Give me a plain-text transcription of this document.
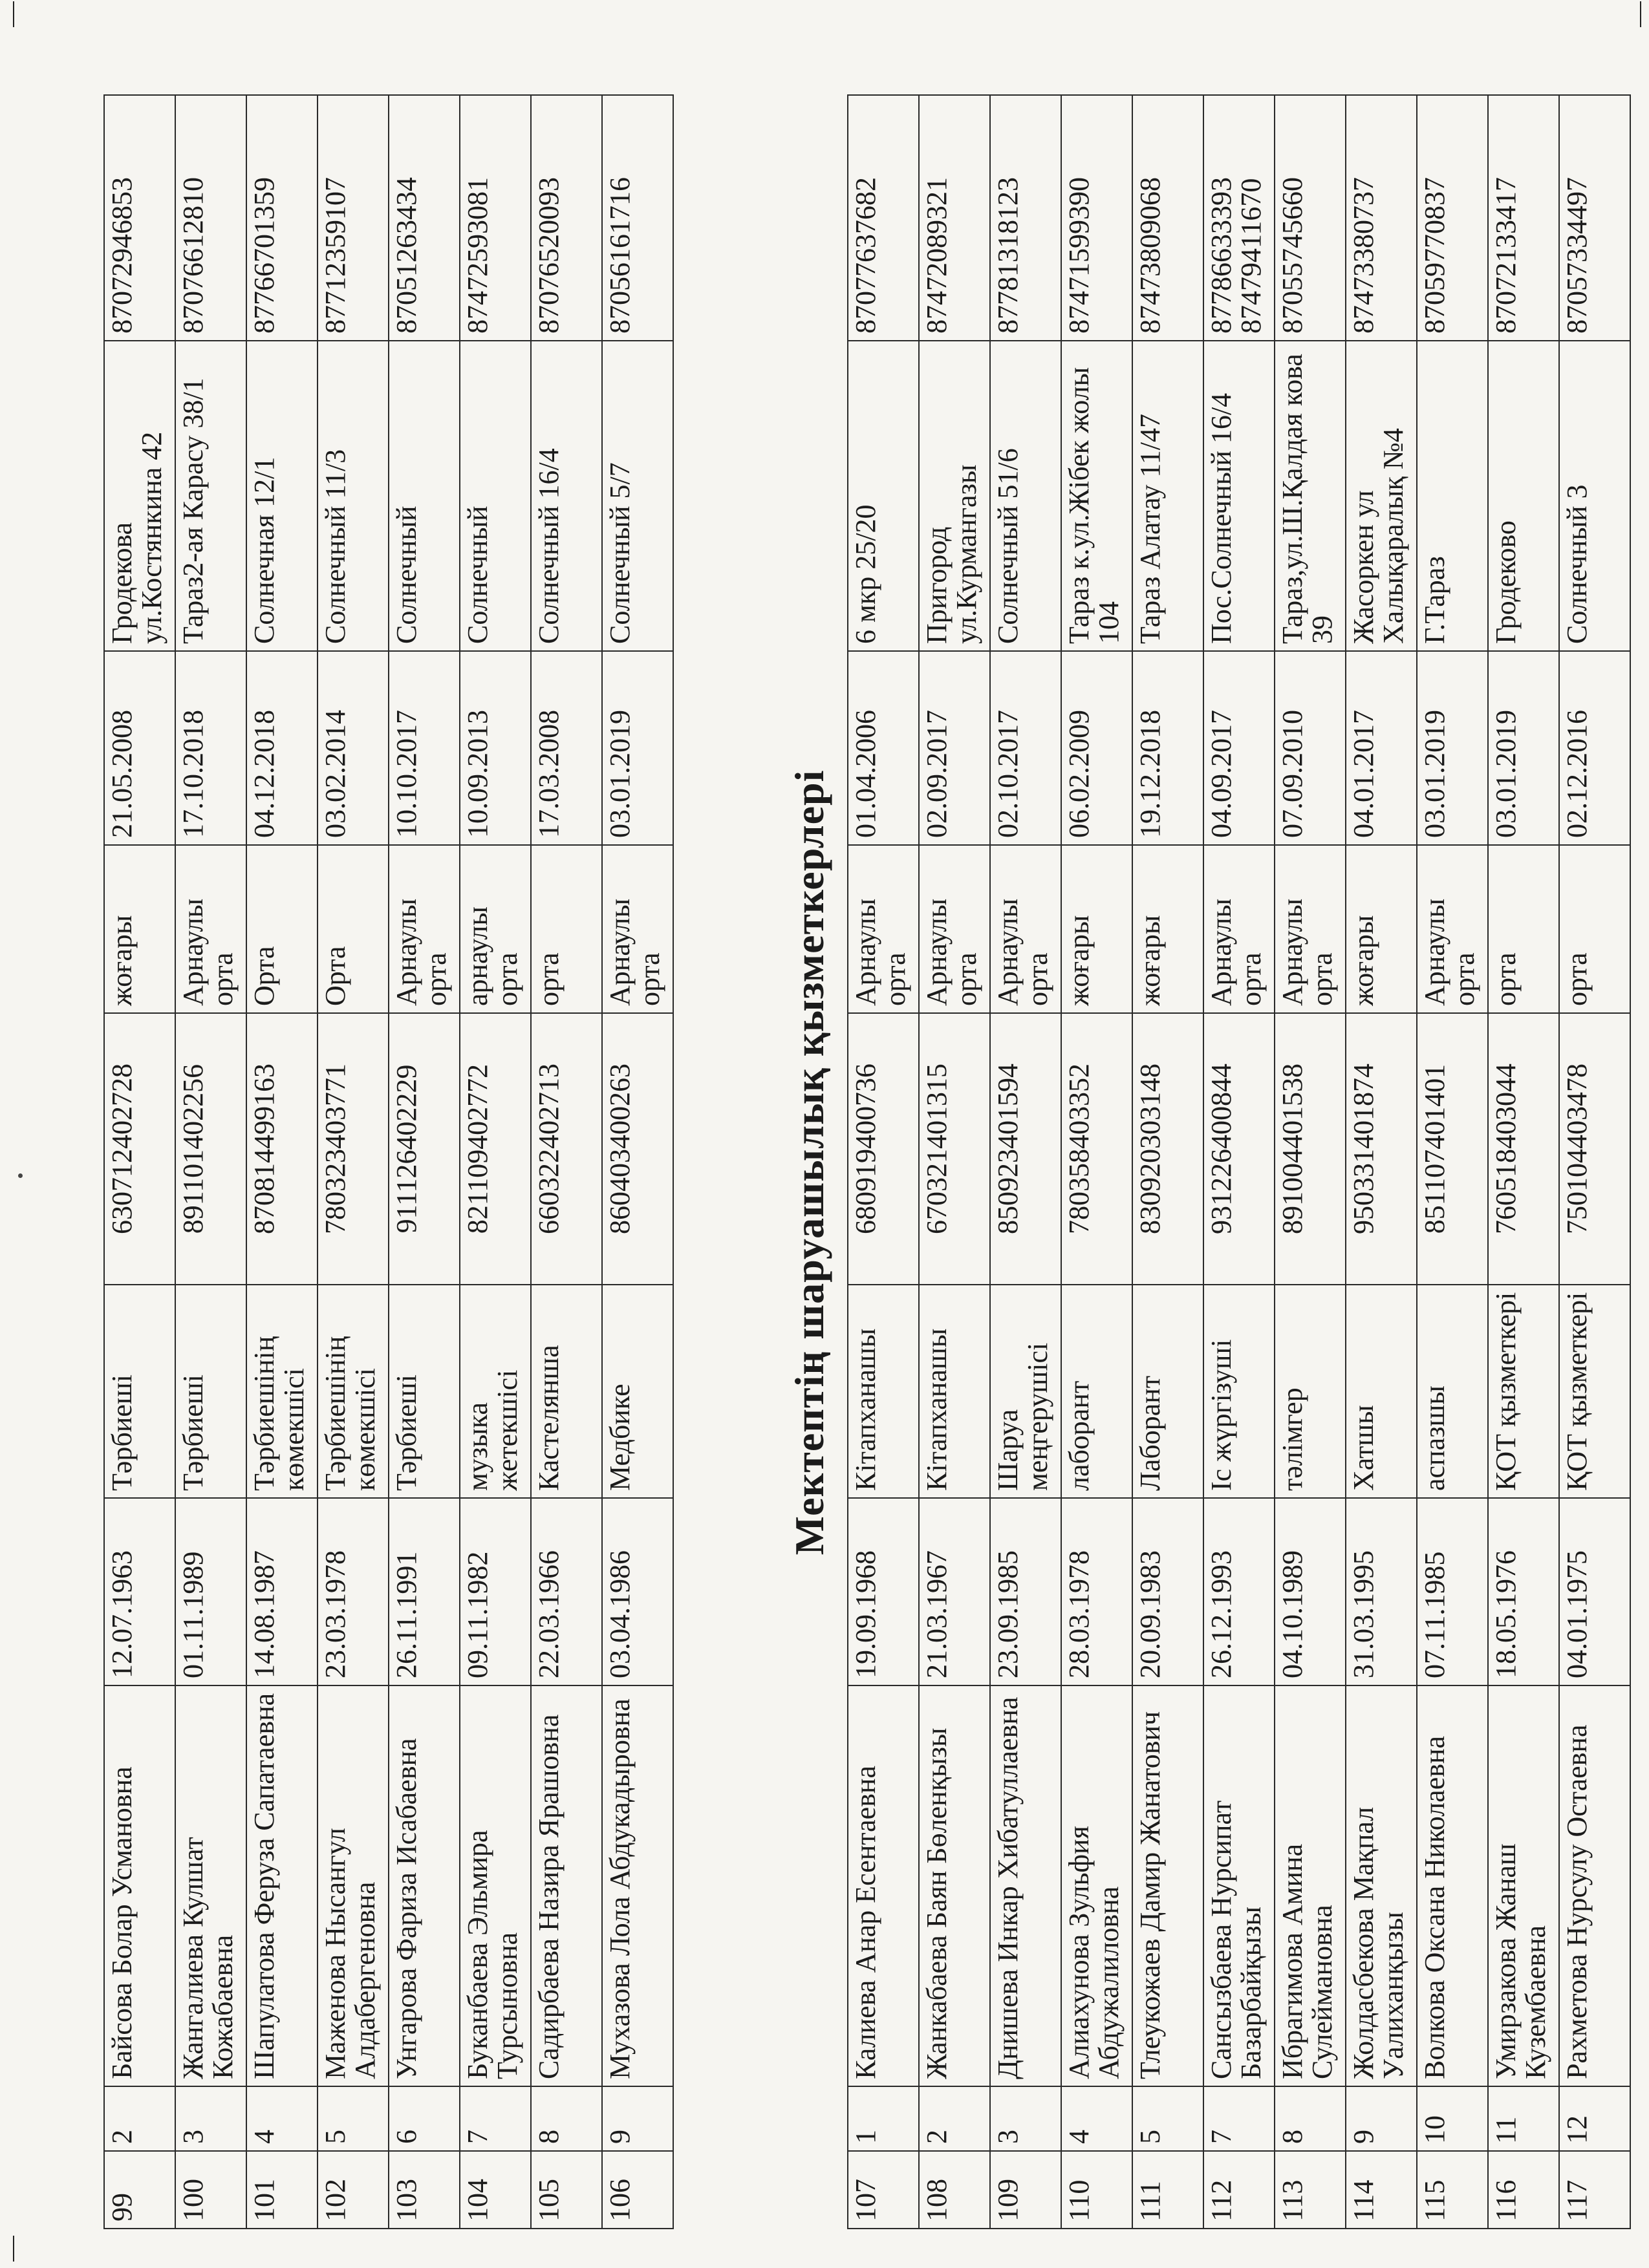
99	2	Байсова Болар Усмановна	12.07.1963	Тәрбиеші	630712402728	жоғары	21.05.2008	Гродекова ул.Костянкина 42	87072946853
100	3	Жангалиева Кулшат Кожабаевна	01.11.1989	Тәрбиеші	891101402256	Арнаулы орта	17.10.2018	Тараз2-ая Карасу 38/1	87076612810
101	4	Шапулатова Феруза Сапатаевна	14.08.1987	Тәрбиешінің көмекшісі	870814499163	Орта	04.12.2018	Солнечная 12/1	87766701359
102	5	Маженова Нысангул Алдабергеновна	23.03.1978	Тәрбиешінің көмекшісі	780323403771	Орта	03.02.2014	Солнечный 11/3	87712359107
103	6	Унгарова Фариза Исабаевна	26.11.1991	Тәрбиеші	911126402229	Арнаулы орта	10.10.2017	Солнечный	87051263434
104	7	Буканбаева Эльмира Турсыновна	09.11.1982	музыка жетекшісі	821109402772	арнаулы орта	10.09.2013	Солнечный	87472593081
105	8	Садирбаева Назира Ярашовна	22.03.1966	Кастелянша	660322402713	орта	17.03.2008	Солнечный 16/4	87076520093
106	9	Мухазова Лола Абдукадыровна	03.04.1986	Медбике	860403400263	Арнаулы орта	03.01.2019	Солнечный 5/7	87056161716
Мектептің шаруашылық қызметкерлері
107	1	Калиева Анар Есентаевна	19.09.1968	Кітапханашы	680919400736	Арнаулы орта	01.04.2006	6 мкр 25/20	87077637682
108	2	Жанкабаева Баян Бөленқызы	21.03.1967	Кітапханашы	670321401315	Арнаулы орта	02.09.2017	Пригород ул.Курмангазы	87472089321
109	3	Днишева Инкар Хибатуллаевна	23.09.1985	Шаруа меңгерушісі	850923401594	Арнаулы орта	02.10.2017	Солнечный 51/6	87781318123
110	4	Алиахунова Зульфия Абдужалиловна	28.03.1978	лаборант	780358403352	жоғары	06.02.2009	Тараз к.ул.Жібек жолы 104	87471599390
111	5	Тлеукожаев Дамир Жанатович	20.09.1983	Лаборант	830920303148	жоғары	19.12.2018	Тараз Алатау 11/47	87473809068
112	7	Сансызбаева Нурсипат Базарбайқызы	26.12.1993	Іс жүргізуші	931226400844	Арнаулы орта	04.09.2017	Пос.Солнечный 16/4	87786633393 87479411670
113	8	Ибрагимова Амина Сулеймановна	04.10.1989	тәлімгер	891004401538	Арнаулы орта	07.09.2010	Тараз,ул.Ш.Қалдая кова 39	87055745660
114	9	Жолдасбекова Мақпал Уалиханқызы	31.03.1995	Хатшы	950331401874	жоғары	04.01.2017	Жасоркен ул Халықаралық №4	87473380737
115	10	Волкова Оксана Николаевна	07.11.1985	аспазшы	851107401401	Арнаулы орта	03.01.2019	Г.Тараз	87059770837
116	11	Умирзакова Жанаш Кузембаевна	18.05.1976	ҚОТ қызметкері	760518403044	орта	03.01.2019	Гродеково	87072133417
117	12	Рахметова Нурсулу Остаевна	04.01.1975	ҚОТ қызметкері	750104403478	орта	02.12.2016	Солнечный 3	87057334497
